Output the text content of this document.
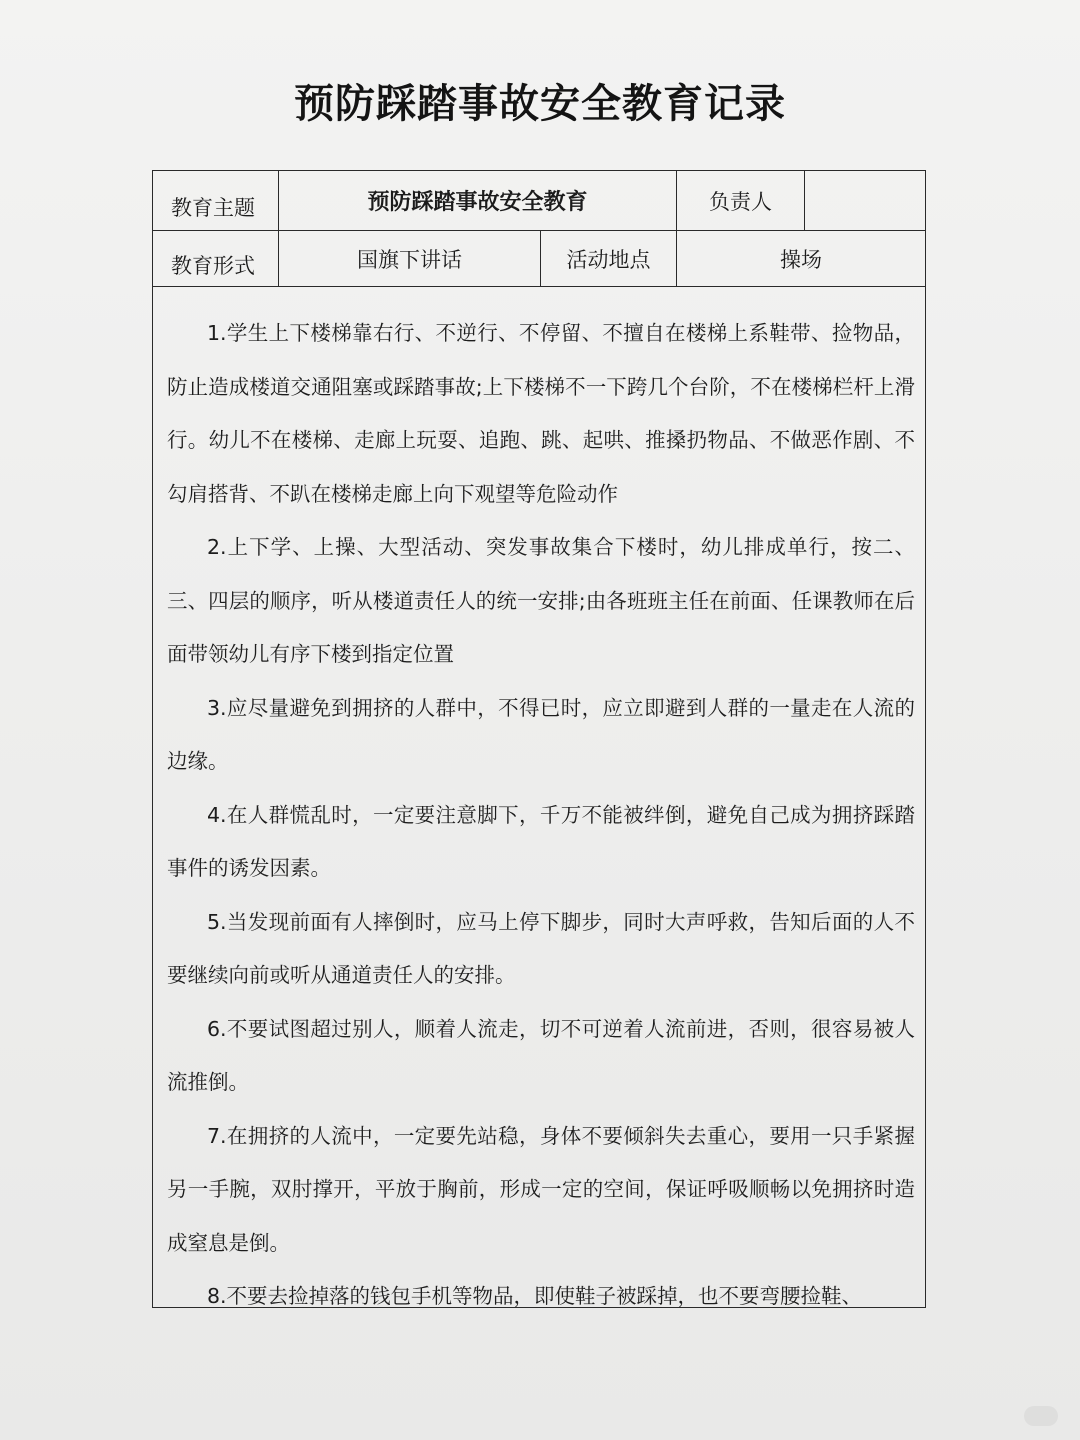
预防踩踏事故安全教育记录
教育主题	预防踩踏事故安全教育	负责人
教育形式	国旗下讲话	活动地点	操场

1.学生上下楼梯靠右行、不逆行、不停留、不擅自在楼梯上系鞋带、捡物品，防止造成楼道交通阻塞或踩踏事故;上下楼梯不一下跨几个台阶，不在楼梯栏杆上滑行。幼儿不在楼梯、走廊上玩耍、追跑、跳、起哄、推搡扔物品、不做恶作剧、不勾肩搭背、不趴在楼梯走廊上向下观望等危险动作

2.上下学、上操、大型活动、突发事故集合下楼时，幼儿排成单行，按二、三、四层的顺序，听从楼道责任人的统一安排;由各班班主任在前面、任课教师在后面带领幼儿有序下楼到指定位置

3.应尽量避免到拥挤的人群中，不得已时，应立即避到人群的一量走在人流的边缘。

4.在人群慌乱时，一定要注意脚下，千万不能被绊倒，避免自己成为拥挤踩踏事件的诱发因素。

5.当发现前面有人摔倒时，应马上停下脚步，同时大声呼救，告知后面的人不要继续向前或听从通道责任人的安排。

6.不要试图超过别人，顺着人流走，切不可逆着人流前进，否则，很容易被人流推倒。

7.在拥挤的人流中，一定要先站稳，身体不要倾斜失去重心，要用一只手紧握另一手腕，双肘撑开，平放于胸前，形成一定的空间，保证呼吸顺畅以免拥挤时造成窒息是倒。

8.不要去捡掉落的钱包手机等物品，即使鞋子被踩掉，也不要弯腰捡鞋、
